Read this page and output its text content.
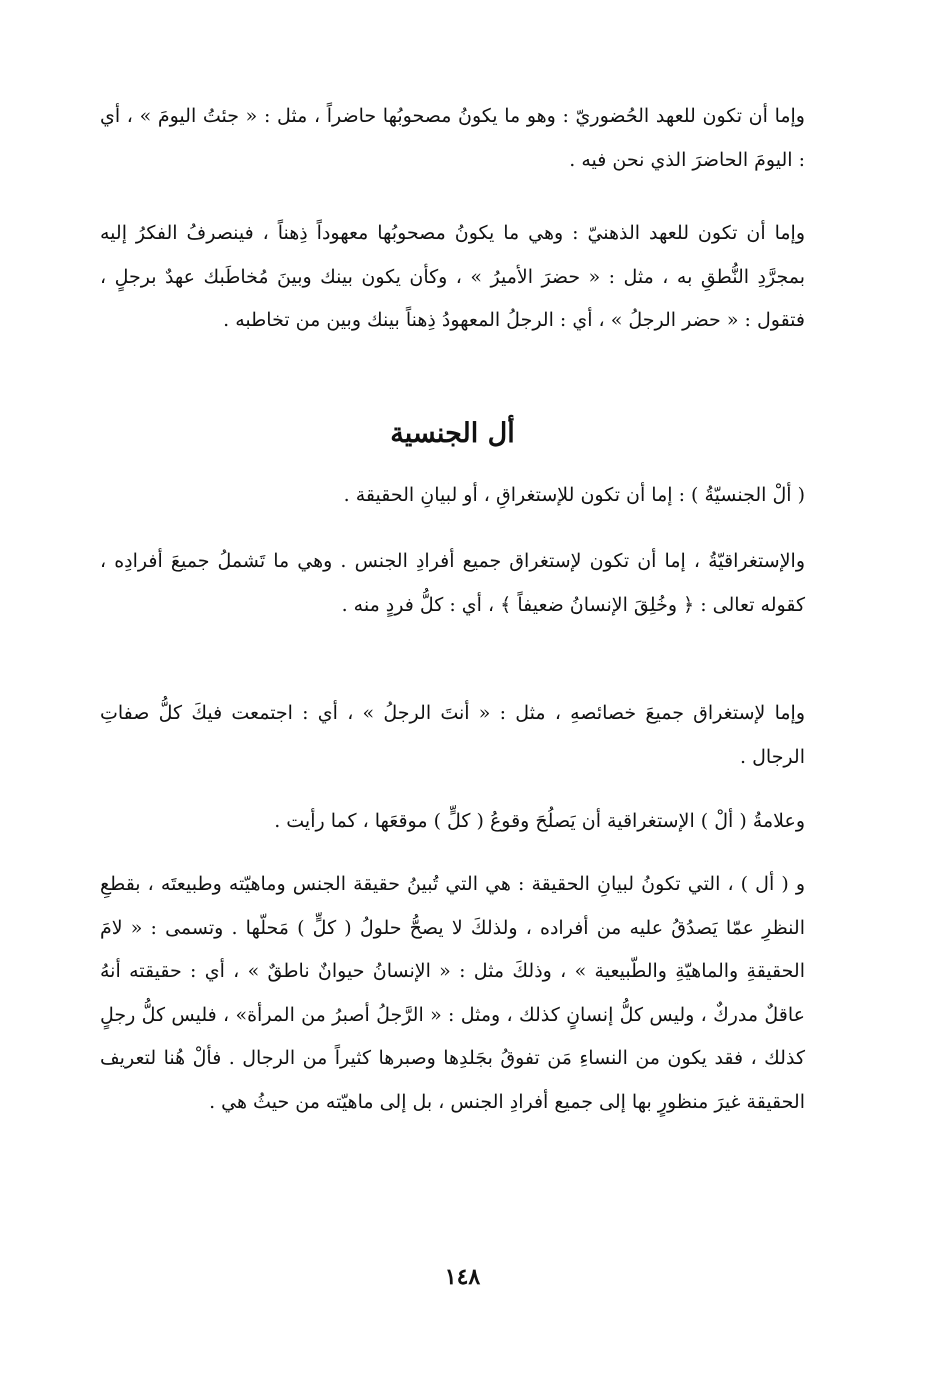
وإما أن تكون للعهد الحُضوريّ : وهو ما يكونُ مصحوبُها حاضراً ، مثل : « جئتُ اليومَ » ، أي : اليومَ الحاضرَ الذي نحن فيه .

وإما أن تكون للعهد الذهنيّ : وهي ما يكونُ مصحوبُها معهوداً ذِهناً ، فينصرفُ الفكرُ إليه بمجرَّدِ النُّطقِ به ، مثل : « حضرَ الأميرُ » ، وكأن يكون بينك وبينَ مُخاطَبك عهدٌ برجلٍ ، فتقول : « حضر الرجلُ » ، أي : الرجلُ المعهودُ ذِهناً بينك وبين من تخاطبه .

أل الجنسية

( ألْ الجنسيّةُ ) : إما أن تكون للإستغراقِ ، أو لبيانِ الحقيقة .

والإستغراقيّةُ ، إما أن تكون لإستغراق جميع أفرادِ الجنس . وهي ما تَشملُ جميعَ أفرادِه ، كقوله تعالى : ﴿ وخُلِقَ الإنسانُ ضعيفاً ﴾ ، أي : كلُّ فردٍ منه .

وإما لإستغراق جميعَ خصائصهِ ، مثل : « أنتَ الرجلُ » ، أي : اجتمعت فيكَ كلُّ صفاتِ الرجال .

وعلامةُ ( ألْ ) الإستغراقية أن يَصلُحَ وقوعُ ( كلٍّ ) موقعَها ، كما رأيت .

و ( أل ) ، التي تكونُ لبيانِ الحقيقة : هي التي تُبينُ حقيقة الجنس وماهيّته وطبيعتَه ، بقطعِ النظرِ عمّا يَصدُقُ عليه من أفراده ، ولذلكَ لا يصحُّ حلولُ ( كلٍّ ) مَحلّها . وتسمى : « لامَ الحقيقةِ والماهيّةِ والطّبيعية » ، وذلكَ مثل : « الإنسانُ حيوانٌ ناطقٌ » ، أي : حقيقته أنهُ عاقلٌ مدركٌ ، وليس كلُّ إنسانٍ كذلك ، ومثل : « الرَّجلُ أصبرُ من المرأة» ، فليس كلُّ رجلٍ كذلك ، فقد يكون من النساءِ مَن تفوقُ بجَلدِها وصبرها كثيراً من الرجال . فألْ هُنا لتعريف الحقيقة غيرَ منظورٍ بها إلى جميع أفرادِ الجنس ، بل إلى ماهيّته من حيثُ هي .

١٤٨
